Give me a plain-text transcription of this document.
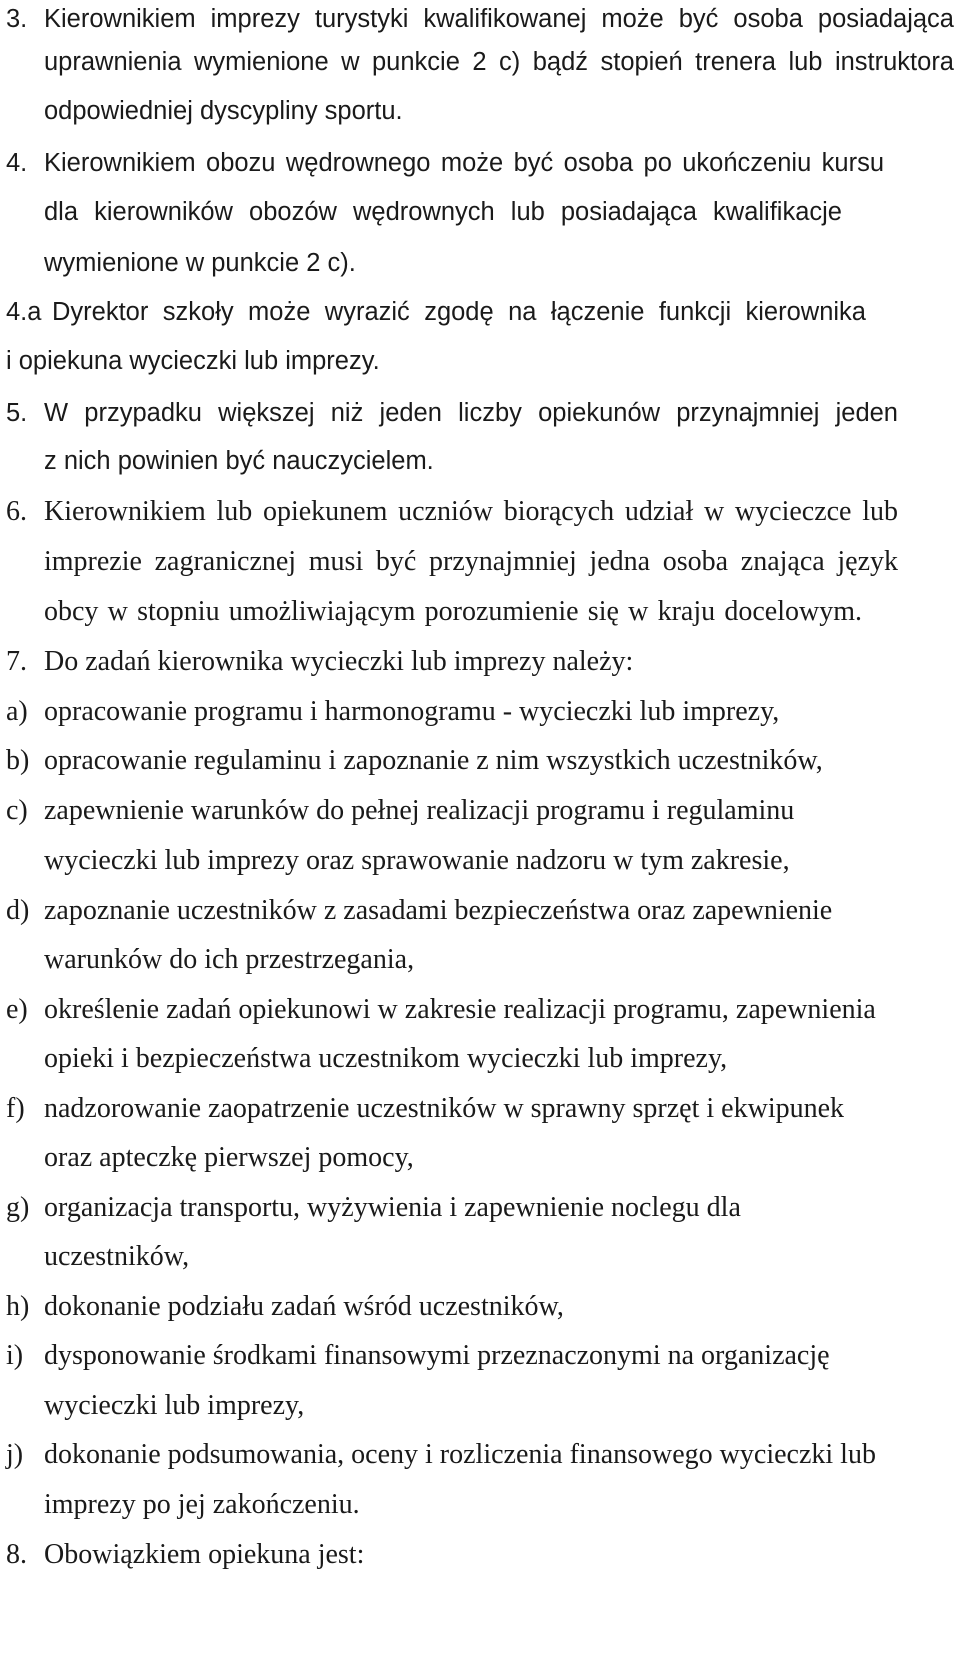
3. Kierownikiem imprezy turystyki kwalifikowanej może być osoba posiadająca
uprawnienia wymienione w punkcie 2 c) bądź stopień trenera lub instruktora
odpowiedniej dyscypliny sportu.
4. Kierownikiem obozu wędrownego może być osoba po ukończeniu kursu
dla kierowników obozów wędrownych lub posiadająca kwalifikacje
wymienione w punkcie 2 c).
4.a Dyrektor szkoły może wyrazić zgodę na łączenie funkcji kierownika
i opiekuna wycieczki lub imprezy.
5. W przypadku większej niż jeden liczby opiekunów przynajmniej jeden
z nich powinien być nauczycielem.
6. Kierownikiem lub opiekunem uczniów biorących udział w wycieczce lub
imprezie zagranicznej musi być przynajmniej jedna osoba znająca język
obcy w stopniu umożliwiającym porozumienie się w kraju docelowym.
7. Do zadań kierownika wycieczki lub imprezy należy:
a) opracowanie programu i harmonogramu - wycieczki lub imprezy,
b) opracowanie regulaminu i zapoznanie z nim wszystkich uczestników,
c) zapewnienie warunków do pełnej realizacji programu i regulaminu
wycieczki lub imprezy oraz sprawowanie nadzoru w tym zakresie,
d) zapoznanie uczestników z zasadami bezpieczeństwa oraz zapewnienie
warunków do ich przestrzegania,
e) określenie zadań opiekunowi w zakresie realizacji programu, zapewnienia
opieki i bezpieczeństwa uczestnikom wycieczki lub imprezy,
f) nadzorowanie zaopatrzenie uczestników w sprawny sprzęt i ekwipunek
oraz apteczkę pierwszej pomocy,
g) organizacja transportu, wyżywienia i zapewnienie noclegu dla
uczestników,
h) dokonanie podziału zadań wśród uczestników,
i) dysponowanie środkami finansowymi przeznaczonymi na organizację
wycieczki lub imprezy,
j) dokonanie podsumowania, oceny i rozliczenia finansowego wycieczki lub
imprezy po jej zakończeniu.
8. Obowiązkiem opiekuna jest:
